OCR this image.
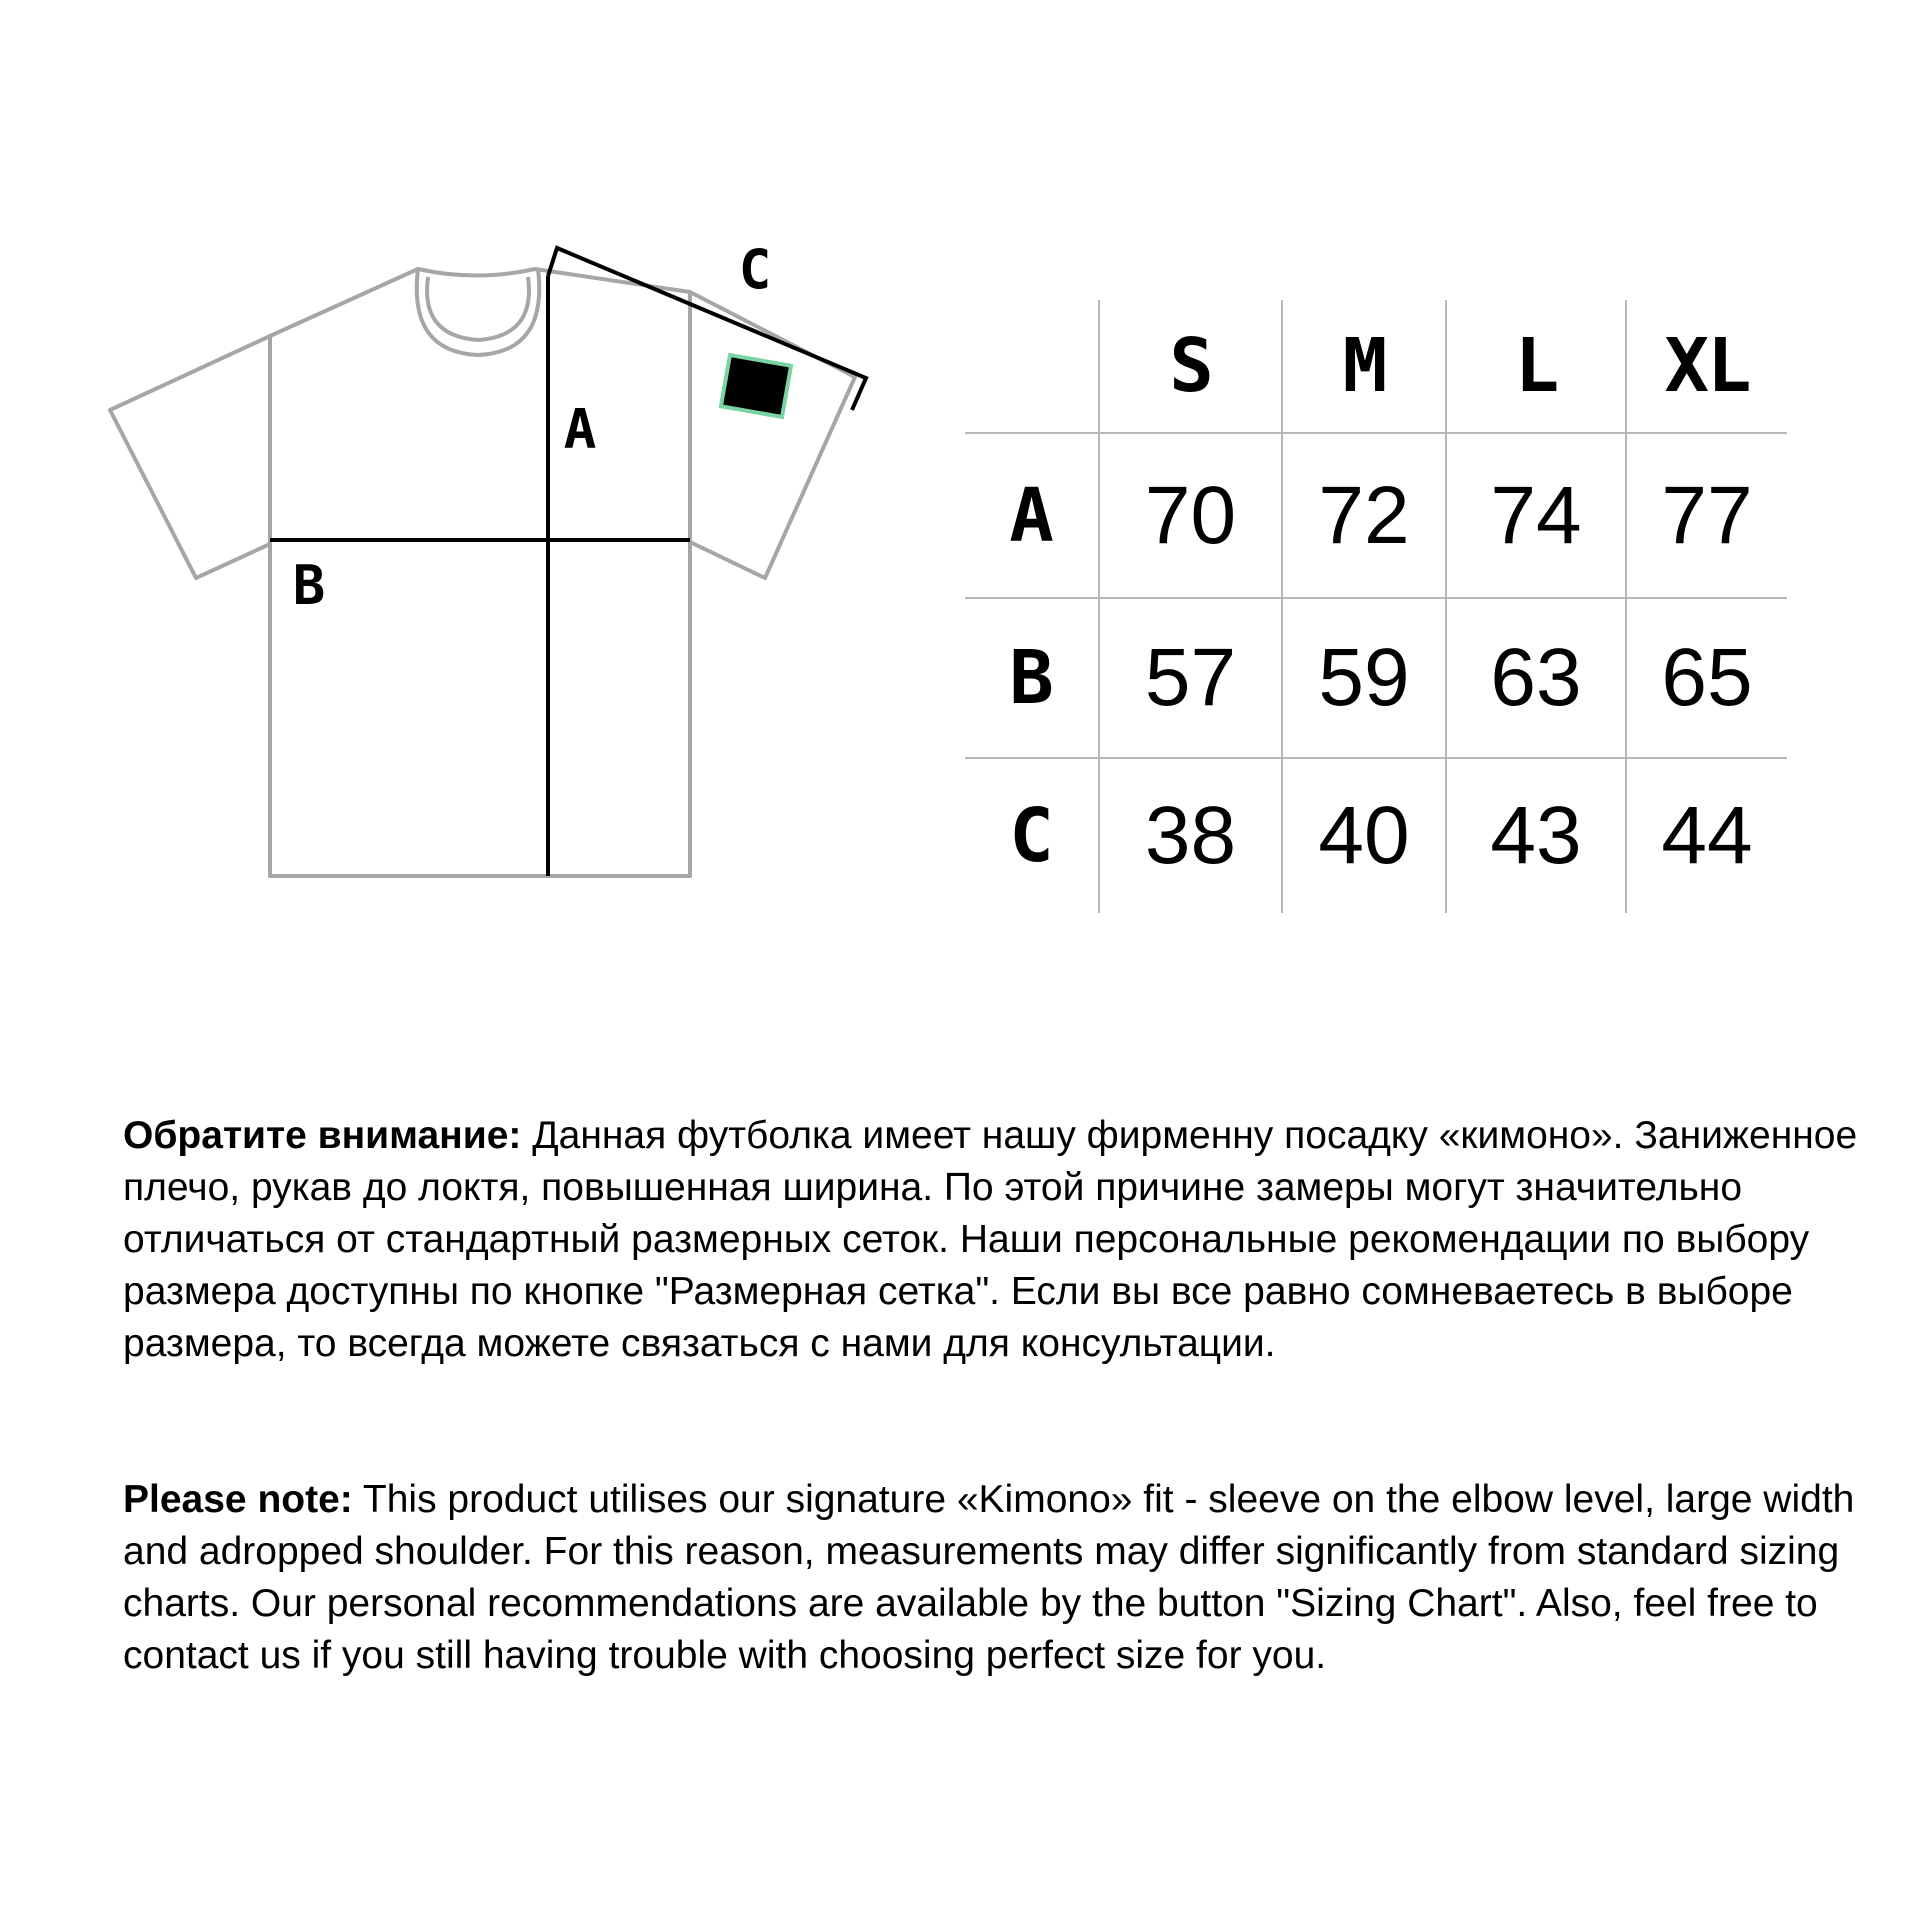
A
B
C
	S	M	L	XL
A	70	72	74	77
B	57	59	63	65
C	38	40	43	44

Обратите внимание: Данная футболка имеет нашу фирменну посадку «кимоно». Заниженное плечо, рукав до локтя, повышенная ширина. По этой причине замеры могут значительно отличаться от стандартный размерных сеток. Наши персональные рекомендации по выбору размера доступны по кнопке "Размерная сетка". Если вы все равно сомневаетесь в выборе размера, то всегда можете связаться с нами для консультации.

Please note: This product utilises our signature «Kimono» fit - sleeve on the elbow level, large width and adropped shoulder. For this reason, measurements may differ significantly from standard sizing charts. Our personal recommendations are available by the button "Sizing Chart". Also, feel free to contact us if you still having trouble with choosing perfect size for you.
